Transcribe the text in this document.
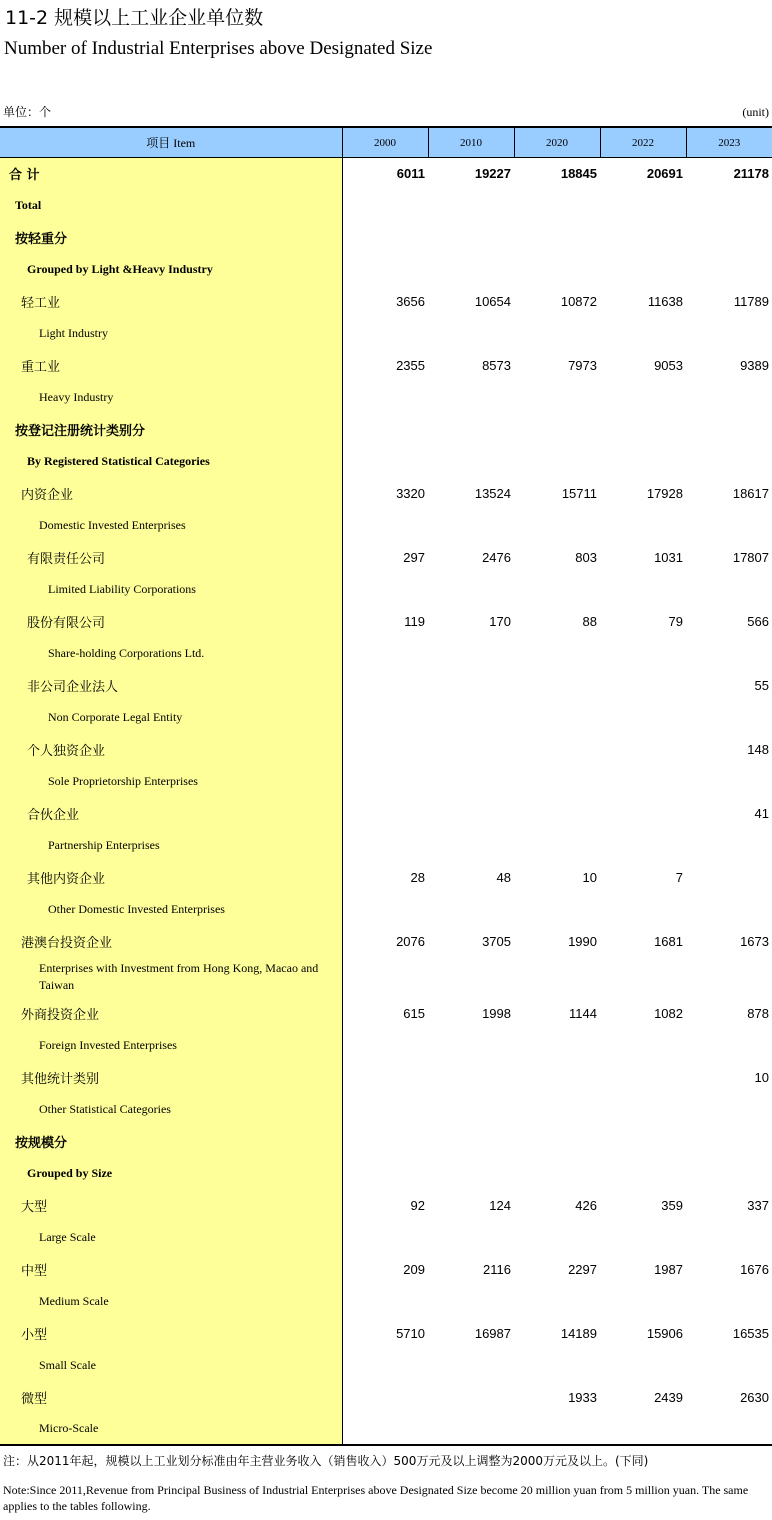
11-2 规模以上工业企业单位数
Number of Industrial Enterprises above Designated Size
单位：个	(unit)
项目 Item	2000	2010	2020	2022	2023
合 计	6011	19227	18845	20691	21178
Total					
按轻重分					
Grouped by Light &Heavy Industry					
轻工业	3656	10654	10872	11638	11789
Light Industry					
重工业	2355	8573	7973	9053	9389
Heavy Industry					
按登记注册统计类别分					
By Registered Statistical Categories					
内资企业	3320	13524	15711	17928	18617
Domestic Invested Enterprises					
有限责任公司	297	2476	803	1031	17807
Limited Liability Corporations					
股份有限公司	119	170	88	79	566
Share-holding Corporations Ltd.					
非公司企业法人					55
Non Corporate Legal Entity					
个人独资企业					148
Sole Proprietorship Enterprises					
合伙企业					41
Partnership Enterprises					
其他内资企业	28	48	10	7	
Other Domestic Invested Enterprises					
港澳台投资企业	2076	3705	1990	1681	1673
Enterprises with Investment from Hong Kong, Macao and Taiwan					
外商投资企业	615	1998	1144	1082	878
Foreign Invested Enterprises					
其他统计类别					10
Other Statistical Categories					
按规模分					
Grouped by Size					
大型	92	124	426	359	337
Large Scale					
中型	209	2116	2297	1987	1676
Medium Scale					
小型	5710	16987	14189	15906	16535
Small Scale					
微型			1933	2439	2630
Micro-Scale					
注：从2011年起，规模以上工业划分标准由年主营业务收入（销售收入）500万元及以上调整为2000万元及以上。(下同)
Note:Since 2011,Revenue from Principal Business of Industrial Enterprises above Designated Size become 20 million yuan from 5 million yuan. The same applies to the tables following.
